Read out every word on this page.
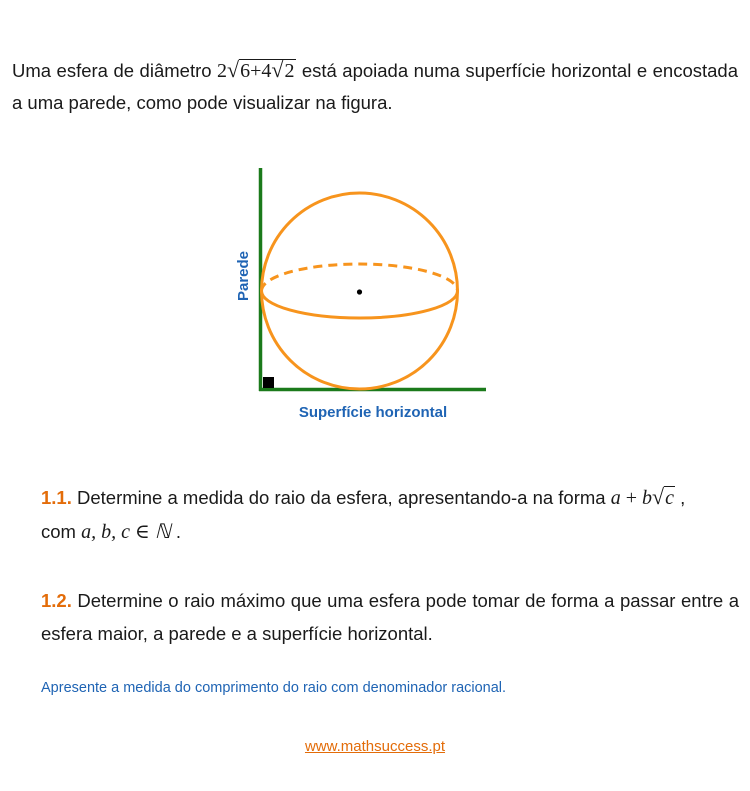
Uma esfera de diâmetro 2√6+4√2 está apoiada numa superfície horizontal e encostada a uma parede, como pode visualizar na figura.
Parede
Superfície horizontal
1.1. Determine a medida do raio da esfera, apresentando-a na forma a + b√c ,
com a, b, c ∈ ℕ .
1.2. Determine o raio máximo que uma esfera pode tomar de forma a passar entre a esfera maior, a parede e a superfície horizontal.
Apresente a medida do comprimento do raio com denominador racional.
www.mathsuccess.pt
